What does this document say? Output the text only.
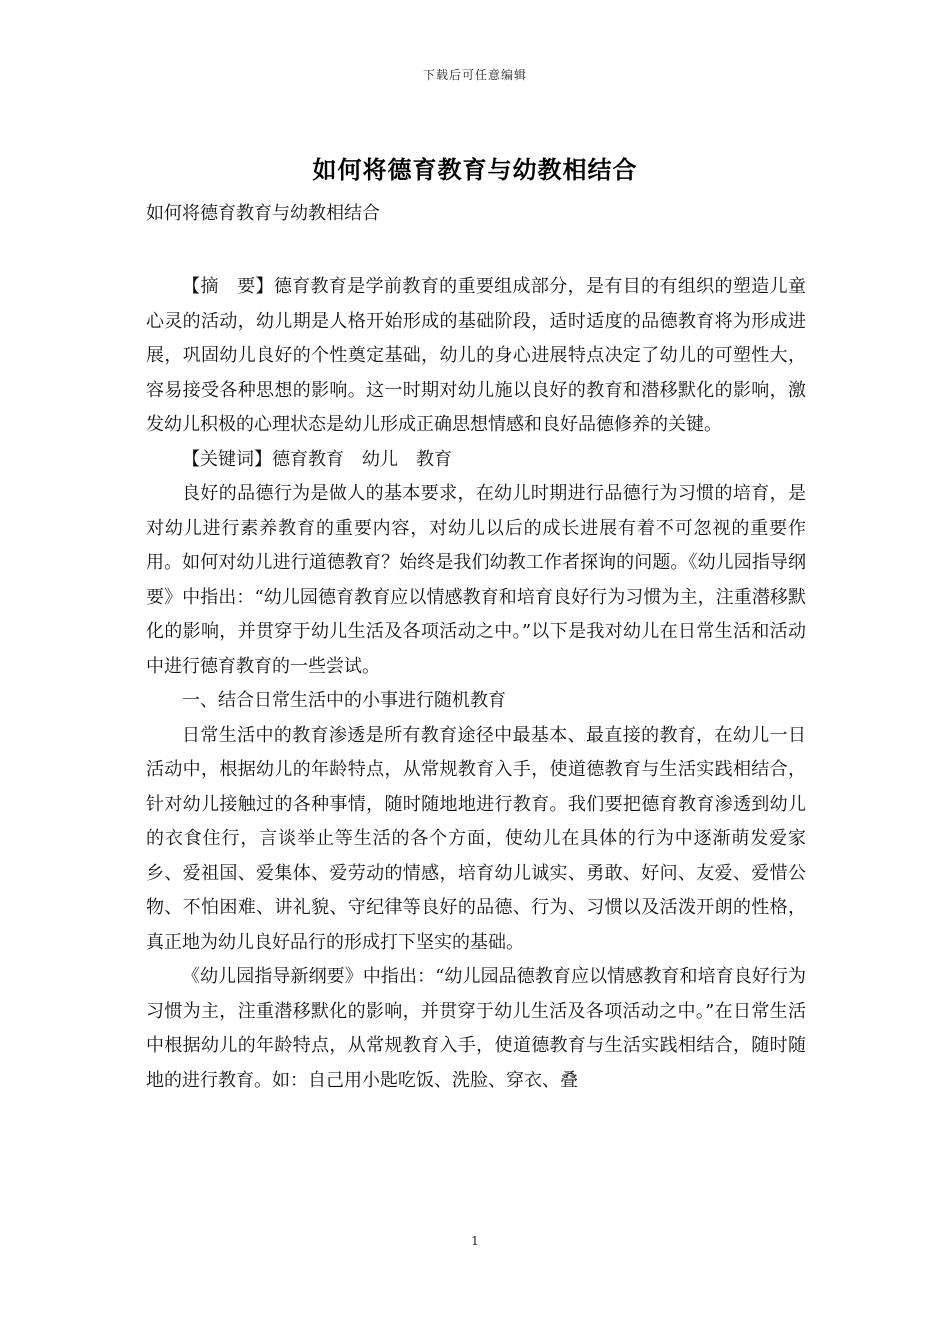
下载后可任意编辑
如何将德育教育与幼教相结合
如何将德育教育与幼教相结合

【摘　要】德育教育是学前教育的重要组成部分，是有目的有组织的塑造儿童心灵的活动，幼儿期是人格开始形成的基础阶段，适时适度的品德教育将为形成进展，巩固幼儿良好的个性奠定基础，幼儿的身心进展特点决定了幼儿的可塑性大，容易接受各种思想的影响。这一时期对幼儿施以良好的教育和潜移默化的影响，激发幼儿积极的心理状态是幼儿形成正确思想情感和良好品德修养的关键。

【关键词】德育教育　幼儿　教育

良好的品德行为是做人的基本要求，在幼儿时期进行品德行为习惯的培育，是对幼儿进行素养教育的重要内容，对幼儿以后的成长进展有着不可忽视的重要作用。如何对幼儿进行道德教育？始终是我们幼教工作者探询的问题。《幼儿园指导纲要》中指出：“幼儿园德育教育应以情感教育和培育良好行为习惯为主，注重潜移默化的影响，并贯穿于幼儿生活及各项活动之中。”以下是我对幼儿在日常生活和活动中进行德育教育的一些尝试。

一、结合日常生活中的小事进行随机教育

日常生活中的教育渗透是所有教育途径中最基本、最直接的教育，在幼儿一日活动中，根据幼儿的年龄特点，从常规教育入手，使道德教育与生活实践相结合，针对幼儿接触过的各种事情，随时随地地进行教育。我们要把德育教育渗透到幼儿的衣食住行，言谈举止等生活的各个方面，使幼儿在具体的行为中逐渐萌发爱家乡、爱祖国、爱集体、爱劳动的情感，培育幼儿诚实、勇敢、好问、友爱、爱惜公物、不怕困难、讲礼貌、守纪律等良好的品德、行为、习惯以及活泼开朗的性格，真正地为幼儿良好品行的形成打下坚实的基础。

《幼儿园指导新纲要》中指出：“幼儿园品德教育应以情感教育和培育良好行为习惯为主，注重潜移默化的影响，并贯穿于幼儿生活及各项活动之中。”在日常生活中根据幼儿的年龄特点，从常规教育入手，使道德教育与生活实践相结合，随时随地的进行教育。如：自己用小匙吃饭、洗脸、穿衣、叠

1
